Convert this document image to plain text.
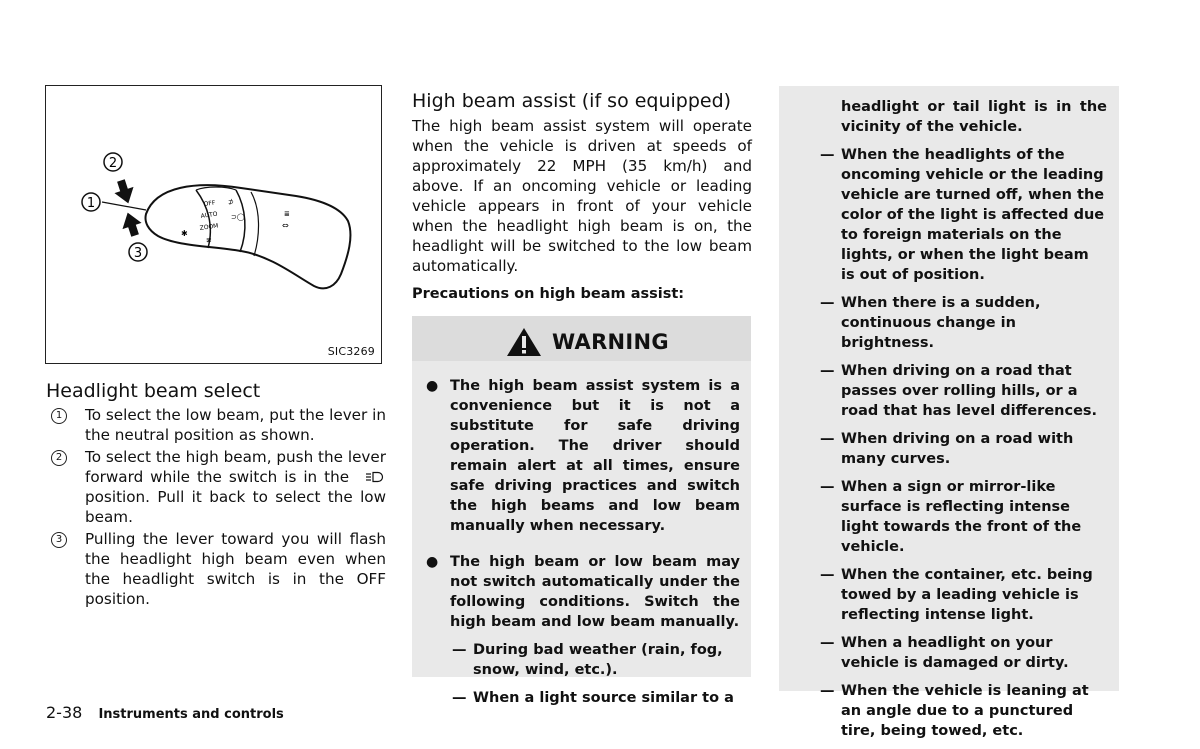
OFF
AUTO
ZOOM
⊅
⊃◯
✱
≢
⇔
≣
2
1
3
SIC3269
Headlight beam select
1	To select the low beam, put the lever in the neutral position as shown.
2	To select the high beam, push the lever forward while the switch is in the  position. Pull it back to select the low beam.
3	Pulling the lever toward you will flash the headlight high beam even when the headlight switch is in the OFF position.
High beam assist (if so equipped)

The high beam assist system will operate when the vehicle is driven at speeds of approximately 22 MPH (35 km/h) and above. If an oncoming vehicle or leading vehicle appears in front of your vehicle when the headlight high beam is on, the headlight will be switched to the low beam automatically.

Precautions on high beam assist:

WARNING
● The high beam assist system is a convenience but it is not a substitute for safe driving operation. The driver should remain alert at all times, ensure safe driving practices and switch the high beams and low beam manually when necessary.
● The high beam or low beam may not switch automatically under the following conditions. Switch the high beam and low beam manually.
— During bad weather (rain, fog, snow, wind, etc.).
— When a light source similar to a
headlight or tail light is in the vicinity of the vehicle.
— When the headlights of the oncoming vehicle or the leading vehicle are turned off, when the color of the light is affected due to foreign materials on the lights, or when the light beam is out of position.
— When there is a sudden, continuous change in brightness.
— When driving on a road that passes over rolling hills, or a road that has level differences.
— When driving on a road with many curves.
— When a sign or mirror-like surface is reflecting intense light towards the front of the vehicle.
— When the container, etc. being towed by a leading vehicle is reflecting intense light.
— When a headlight on your vehicle is damaged or dirty.
— When the vehicle is leaning at an angle due to a punctured tire, being towed, etc.
2-38 Instruments and controls
